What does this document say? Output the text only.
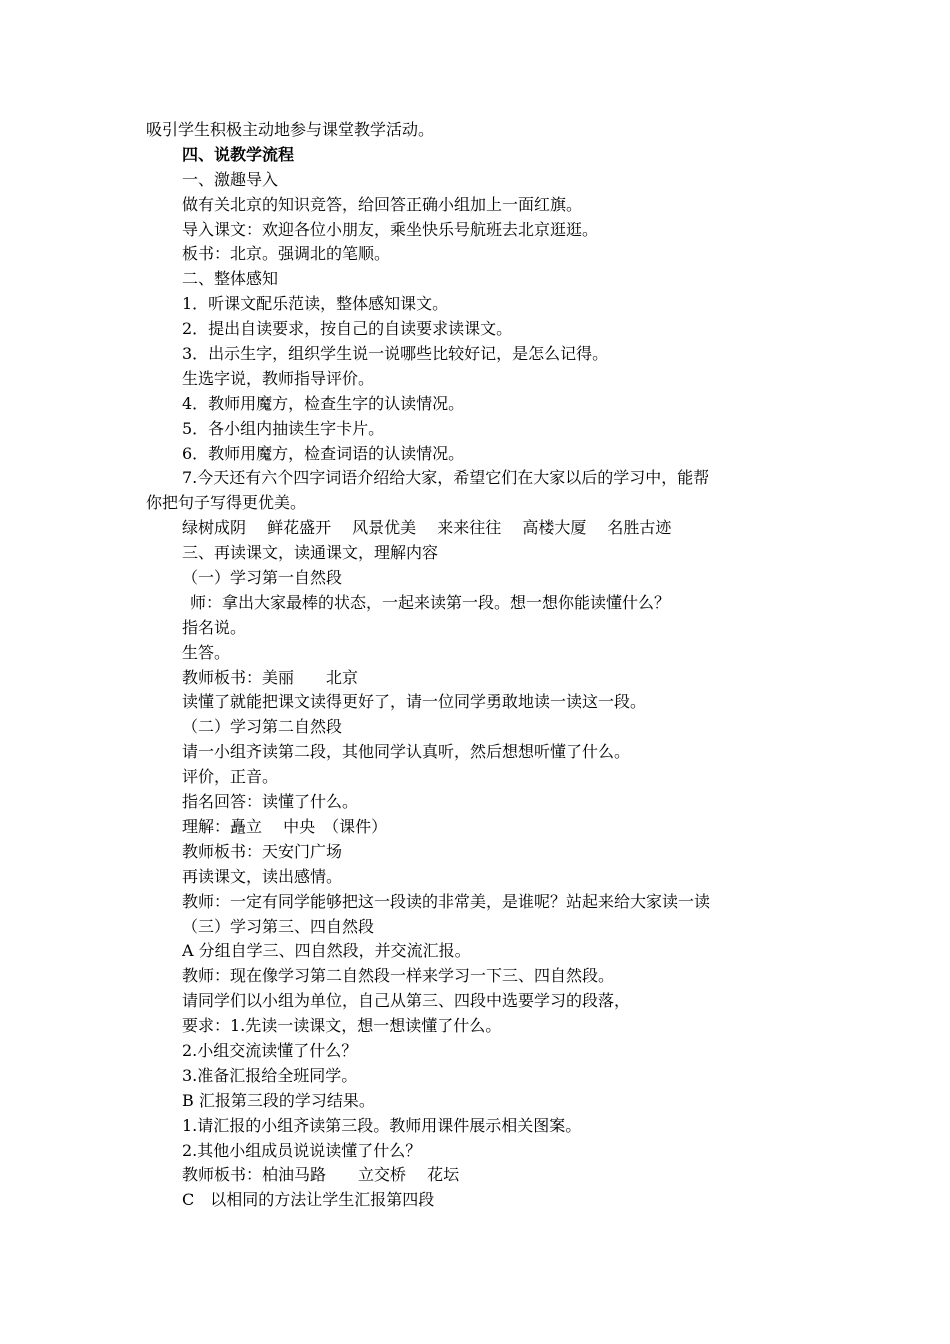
吸引学生积极主动地参与课堂教学活动。
四、说教学流程
一、激趣导入
做有关北京的知识竞答，给回答正确小组加上一面红旗。
导入课文：欢迎各位小朋友，乘坐快乐号航班去北京逛逛。
板书：北京。强调北的笔顺。
二、整体感知
1．听课文配乐范读，整体感知课文。
2．提出自读要求，按自己的自读要求读课文。
3．出示生字，组织学生说一说哪些比较好记，是怎么记得。
生选字说，教师指导评价。
4．教师用魔方，检查生字的认读情况。
5．各小组内抽读生字卡片。
6．教师用魔方，检查词语的认读情况。
7.今天还有六个四字词语介绍给大家，希望它们在大家以后的学习中，能帮
你把句子写得更优美。
绿树成阴　 鲜花盛开　 风景优美　 来来往往　 高楼大厦　 名胜古迹
三、再读课文，读通课文，理解内容
（一）学习第一自然段
师：拿出大家最棒的状态，一起来读第一段。想一想你能读懂什么？
指名说。
生答。
教师板书：美丽　　北京
读懂了就能把课文读得更好了，请一位同学勇敢地读一读这一段。
（二）学习第二自然段
请一小组齐读第二段，其他同学认真听，然后想想听懂了什么。
评价，正音。
指名回答：读懂了什么。
理解：矗立　 中央　（课件）
教师板书：天安门广场
再读课文，读出感情。
教师：一定有同学能够把这一段读的非常美，是谁呢？站起来给大家读一读
（三）学习第三、四自然段
A 分组自学三、四自然段，并交流汇报。
教师：现在像学习第二自然段一样来学习一下三、四自然段。
请同学们以小组为单位，自己从第三、四段中选要学习的段落，
要求：1.先读一读课文，想一想读懂了什么。
2.小组交流读懂了什么？
3.准备汇报给全班同学。
B 汇报第三段的学习结果。
1.请汇报的小组齐读第三段。教师用课件展示相关图案。
2.其他小组成员说说读懂了什么？
教师板书：柏油马路　　立交桥　 花坛
C　以相同的方法让学生汇报第四段
